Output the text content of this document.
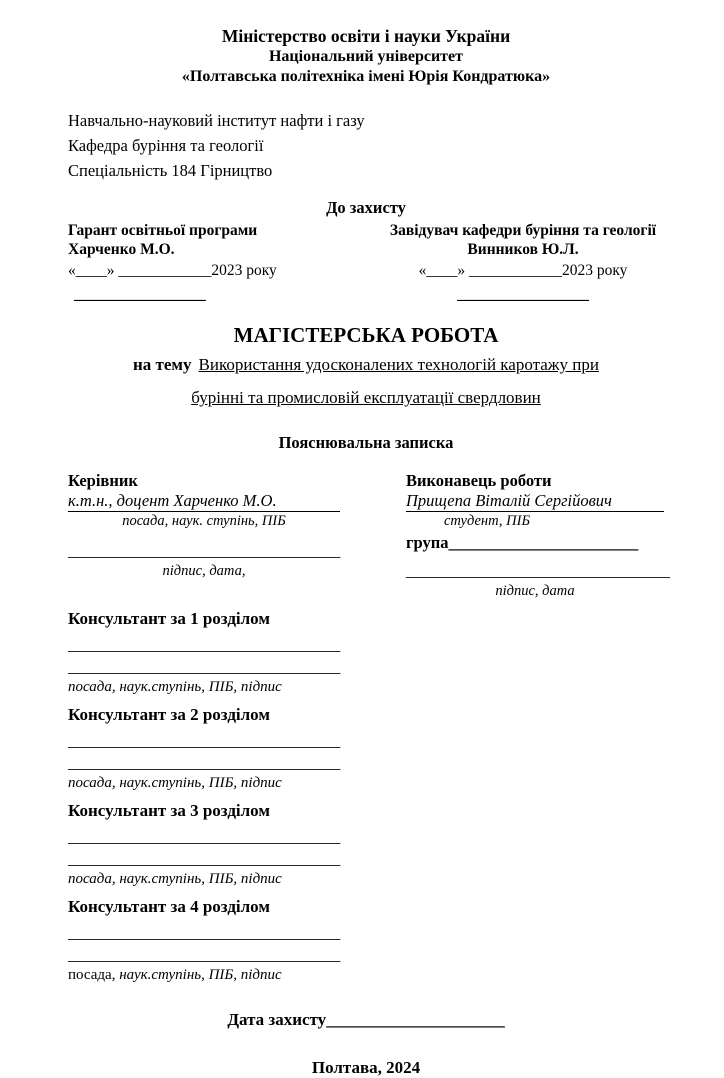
Міністерство освіти і науки України
Національний університет
«Полтавська політехніка імені Юрія Кондратюка»
Навчально-науковий інститут нафти і газу
Кафедра буріння та геології
Спеціальність 184 Гірництво
До захисту
Гарант освітньої програми
Харченко М.О.
«____» ____________2023 року
_________________
Завідувач кафедри буріння та геології
Винников Ю.Л.
«____» ____________2023 року
_________________
МАГІСТЕРСЬКА РОБОТА
на тему Використання удосконалених технологій каротажу при
бурінні та промисловій експлуатації свердловин
Пояснювальна записка
Керівник
к.т.н., доцент Харченко М.О.
посада, наук. ступінь, ПІБ
_________________________________
підпис, дата,
Виконавець роботи
Прищепа Віталій Сергійович
студент, ПІБ
група_______________________
________________________________
підпис, дата
Консультант за 1 розділом
_________________________________
_________________________________
посада, наук.ступінь, ПІБ, підпис
Консультант за 2 розділом
_________________________________
_________________________________
посада, наук.ступінь, ПІБ, підпис
Консультант за 3 розділом
_________________________________
_________________________________
посада, наук.ступінь, ПІБ, підпис
Консультант за 4 розділом
_________________________________
_________________________________
посада, наук.ступінь, ПІБ, підпис
Дата захисту_____________________
Полтава, 2024
